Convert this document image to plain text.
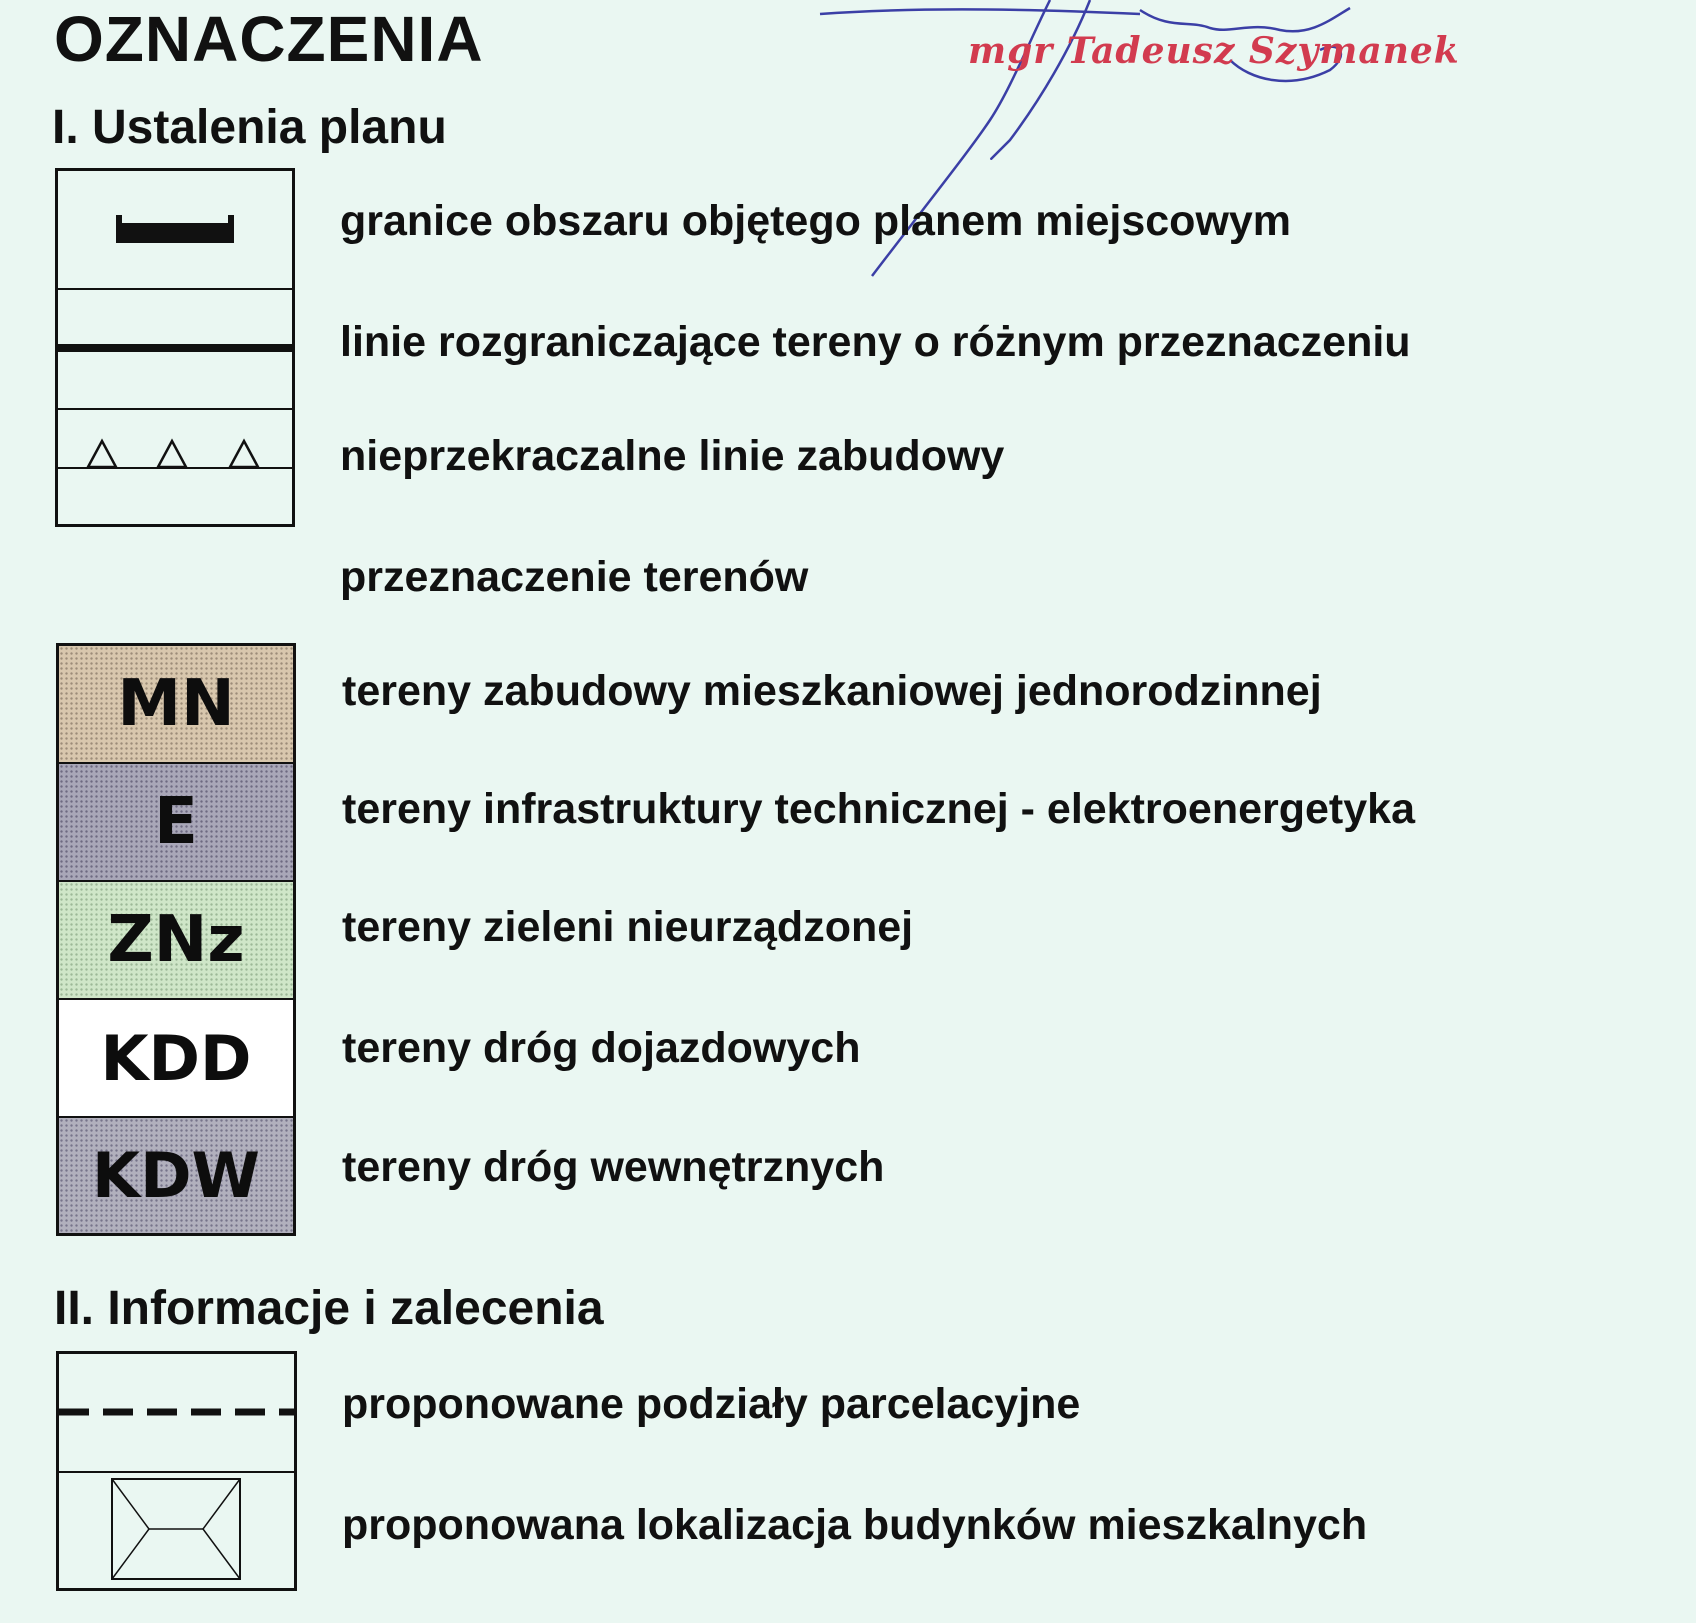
OZNACZENIA	mgr Tadeusz Szymanek
I. Ustalenia planu
granice obszaru objętego planem miejscowym
linie rozgraniczające tereny o różnym przeznaczeniu
nieprzekraczalne linie zabudowy
przeznaczenie terenów
MN
E
ZNz
KDD
KDW
tereny zabudowy mieszkaniowej jednorodzinnej
tereny infrastruktury technicznej - elektroenergetyka
tereny zieleni nieurządzonej
tereny dróg dojazdowych
tereny dróg wewnętrznych
II. Informacje i zalecenia
proponowane podziały parcelacyjne
proponowana lokalizacja budynków mieszkalnych
